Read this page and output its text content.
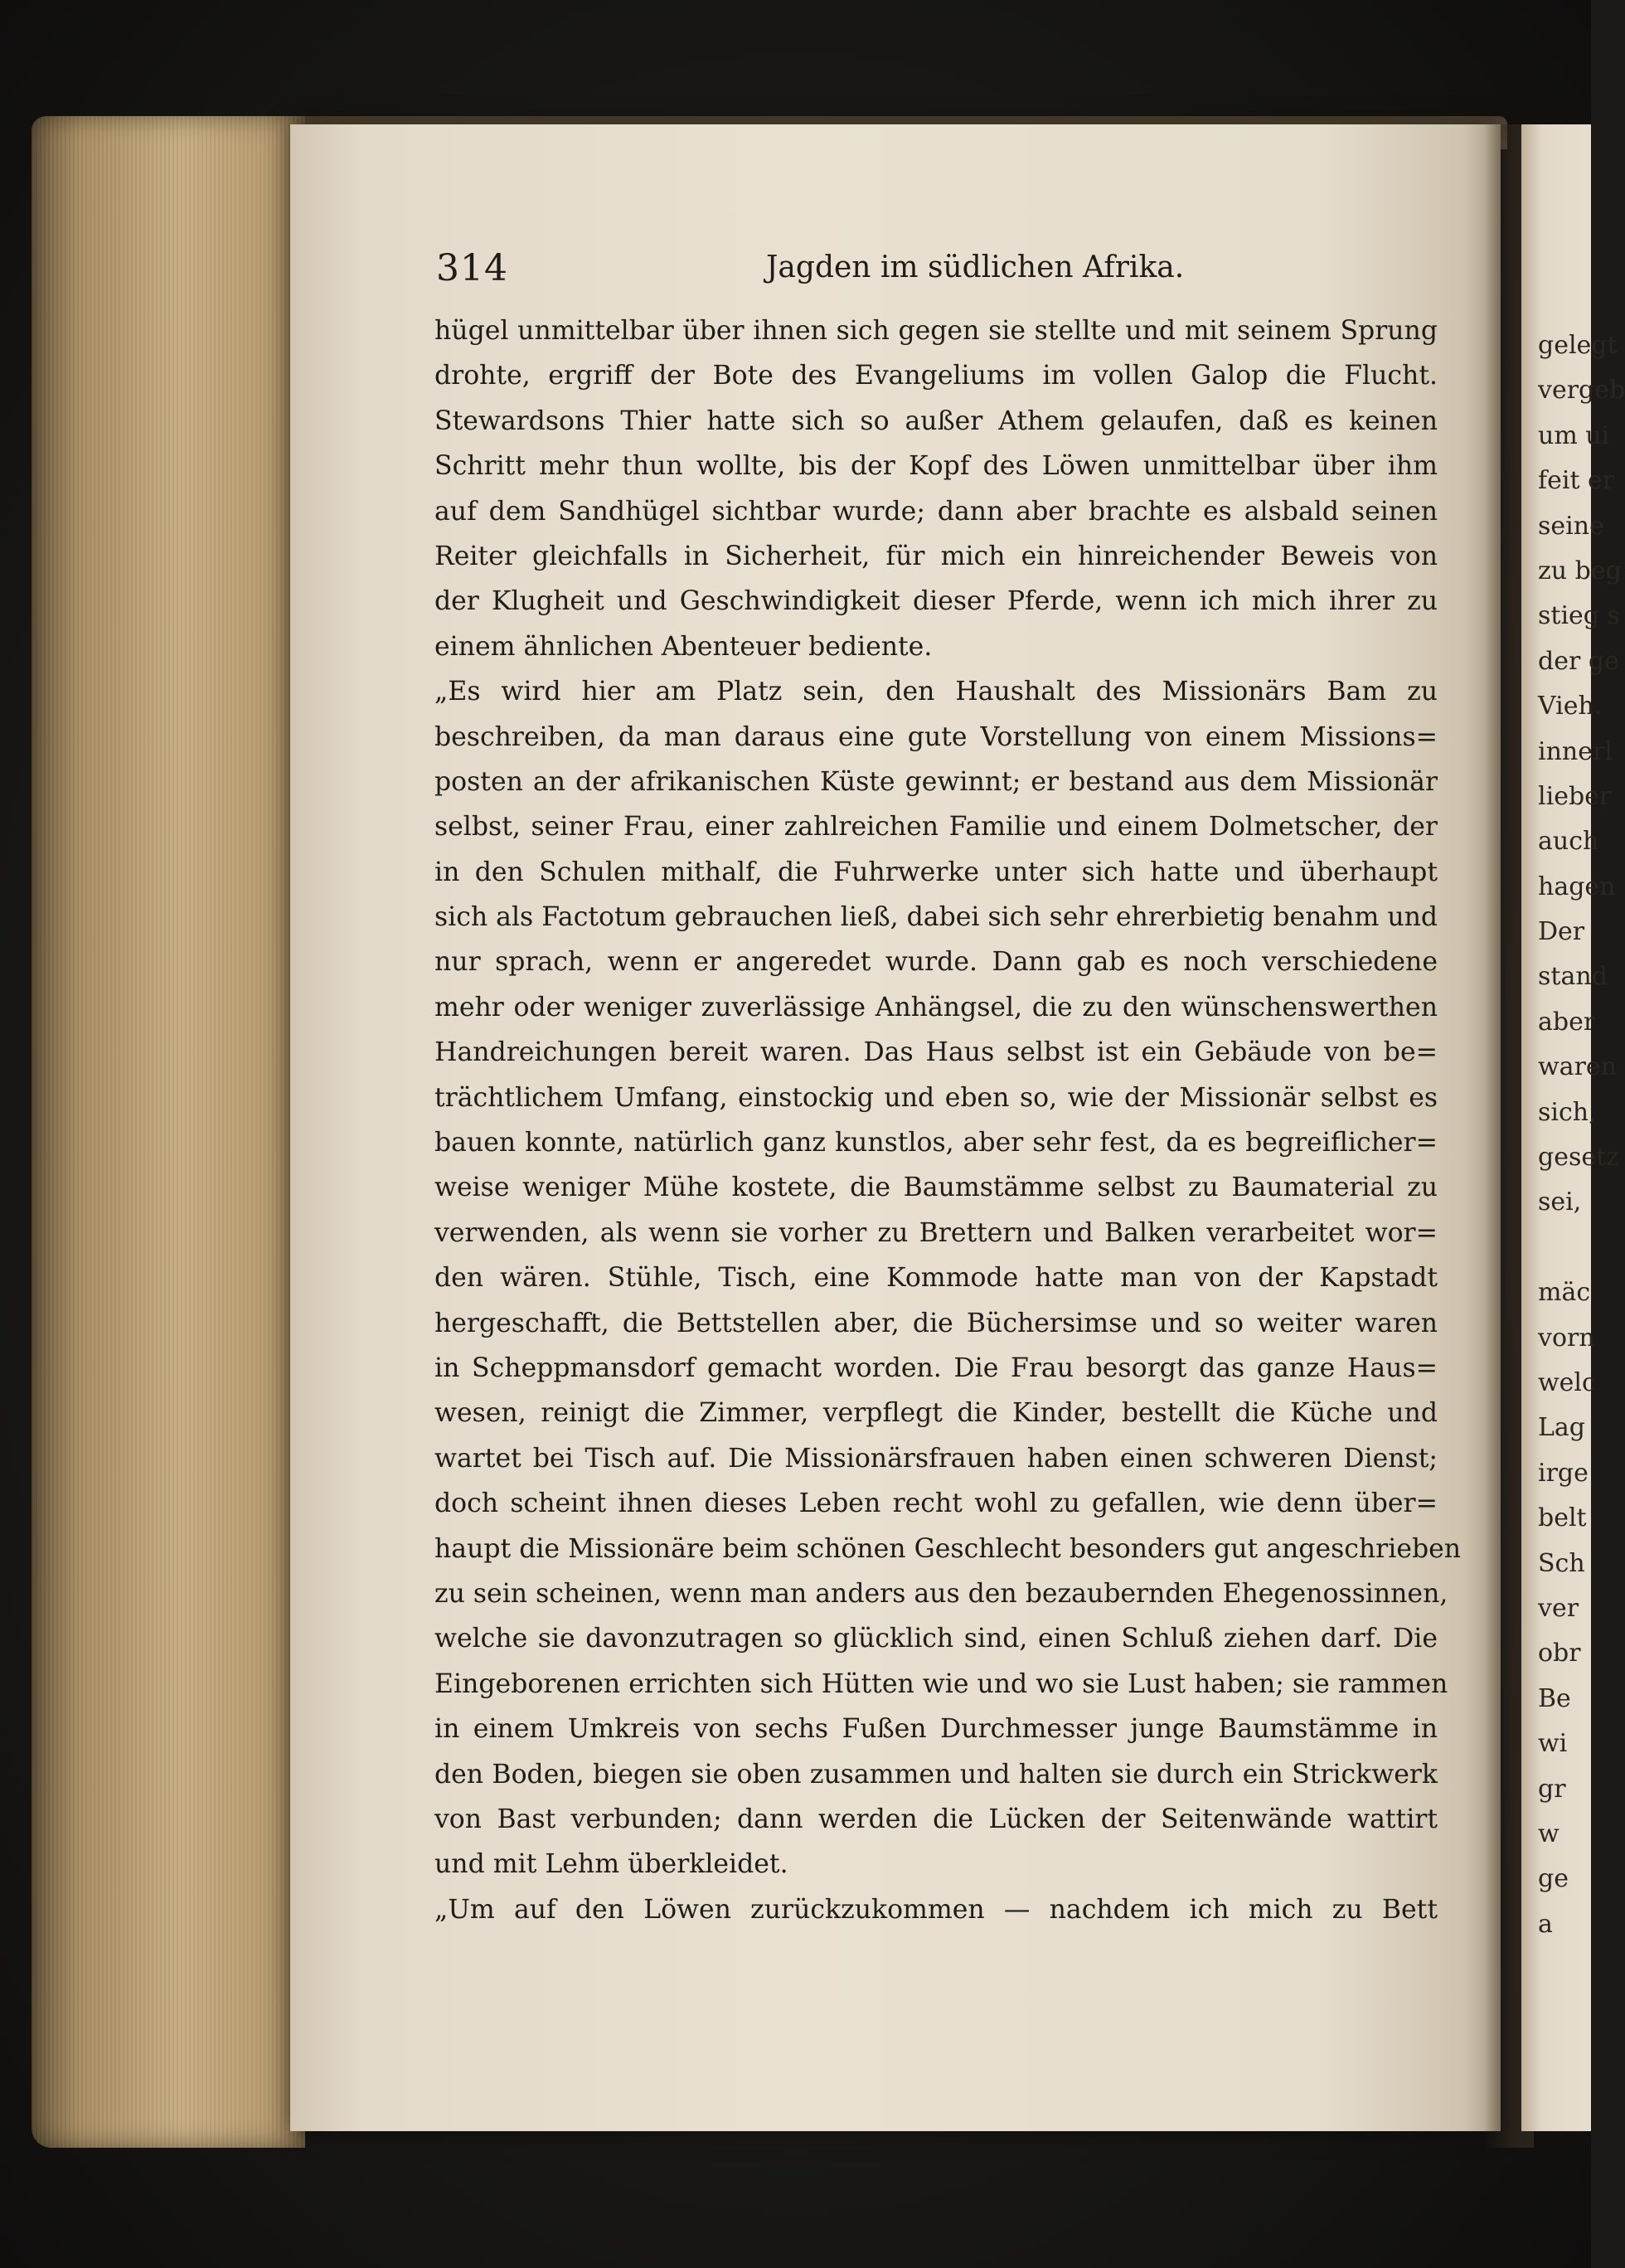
314	Jagden im südlichen Afrika.
hügel unmittelbar über ihnen sich gegen sie stellte und mit seinem Sprung
drohte, ergriff der Bote des Evangeliums im vollen Galop die Flucht.
Stewardsons Thier hatte sich so außer Athem gelaufen, daß es keinen
Schritt mehr thun wollte, bis der Kopf des Löwen unmittelbar über ihm
auf dem Sandhügel sichtbar wurde; dann aber brachte es alsbald seinen
Reiter gleichfalls in Sicherheit, für mich ein hinreichender Beweis von
der Klugheit und Geschwindigkeit dieser Pferde, wenn ich mich ihrer zu
einem ähnlichen Abenteuer bediente.
„Es wird hier am Platz sein, den Haushalt des Missionärs Bam zu
beschreiben, da man daraus eine gute Vorstellung von einem Missions=
posten an der afrikanischen Küste gewinnt; er bestand aus dem Missionär
selbst, seiner Frau, einer zahlreichen Familie und einem Dolmetscher, der
in den Schulen mithalf, die Fuhrwerke unter sich hatte und überhaupt
sich als Factotum gebrauchen ließ, dabei sich sehr ehrerbietig benahm und
nur sprach, wenn er angeredet wurde. Dann gab es noch verschiedene
mehr oder weniger zuverlässige Anhängsel, die zu den wünschenswerthen
Handreichungen bereit waren. Das Haus selbst ist ein Gebäude von be=
trächtlichem Umfang, einstockig und eben so, wie der Missionär selbst es
bauen konnte, natürlich ganz kunstlos, aber sehr fest, da es begreiflicher=
weise weniger Mühe kostete, die Baumstämme selbst zu Baumaterial zu
verwenden, als wenn sie vorher zu Brettern und Balken verarbeitet wor=
den wären. Stühle, Tisch, eine Kommode hatte man von der Kapstadt
hergeschafft, die Bettstellen aber, die Büchersimse und so weiter waren
in Scheppmansdorf gemacht worden. Die Frau besorgt das ganze Haus=
wesen, reinigt die Zimmer, verpflegt die Kinder, bestellt die Küche und
wartet bei Tisch auf. Die Missionärsfrauen haben einen schweren Dienst;
doch scheint ihnen dieses Leben recht wohl zu gefallen, wie denn über=
haupt die Missionäre beim schönen Geschlecht besonders gut angeschrieben
zu sein scheinen, wenn man anders aus den bezaubernden Ehegenossinnen,
welche sie davonzutragen so glücklich sind, einen Schluß ziehen darf. Die
Eingeborenen errichten sich Hütten wie und wo sie Lust haben; sie rammen
in einem Umkreis von sechs Fußen Durchmesser junge Baumstämme in
den Boden, biegen sie oben zusammen und halten sie durch ein Strickwerk
von Bast verbunden; dann werden die Lücken der Seitenwände wattirt
und mit Lehm überkleidet.
„Um auf den Löwen zurückzukommen — nachdem ich mich zu Bett
gelegt
vergeb
um ui
feit er
seine
zu beg
stieg s
der ge
Vieh.
innerl
lieber
auch
hagen
Der
stand
aber
waren
sich,
gesetz
sei,
mäc
vorn
welc
Lag
irge
belt
Sch
ver
obr
Be
wi
gr
w
ge
a
